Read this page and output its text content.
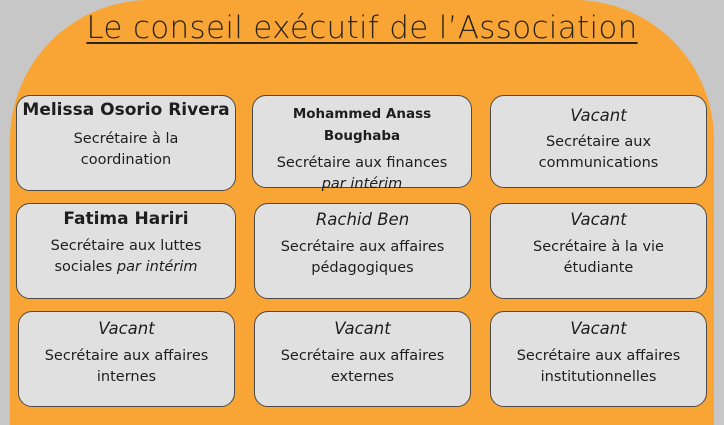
Le conseil exécutif de l’Association
Melissa Osorio Rivera
Secrétaire à la coordination
Mohammed Anass Boughaba
Secrétaire aux finances
par intérim
Vacant
Secrétaire aux communications
Fatima Hariri
Secrétaire aux luttes sociales par intérim
Rachid Ben
Secrétaire aux affaires pédagogiques
Vacant
Secrétaire à la vie étudiante
Vacant
Secrétaire aux affaires internes
Vacant
Secrétaire aux affaires externes
Vacant
Secrétaire aux affaires institutionnelles
